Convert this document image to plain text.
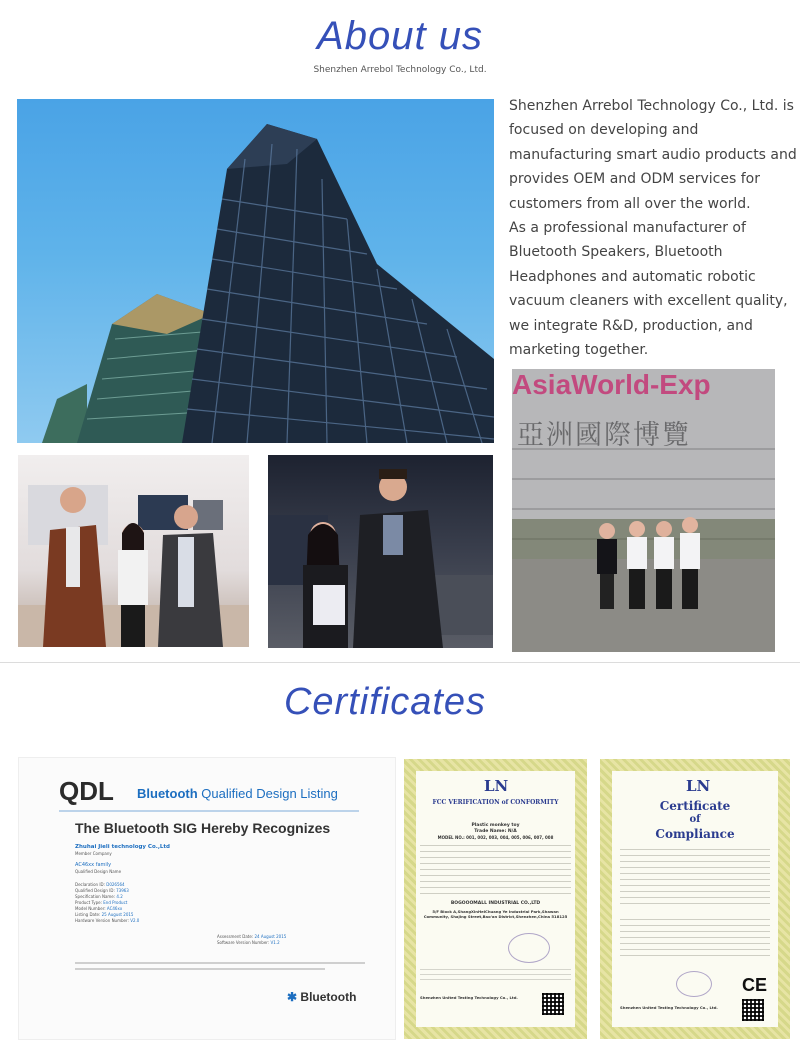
About us
Shenzhen Arrebol Technology Co., Ltd.

Shenzhen Arrebol Technology Co., Ltd. is focused on developing and manufacturing smart audio products and provides OEM and ODM services for customers from all over the world.

As a professional manufacturer of Bluetooth Speakers, Bluetooth Headphones and automatic robotic vacuum cleaners with excellent quality, we integrate R&D, production, and marketing together.

AsiaWorld-Exp
亞洲國際博覽
Certificates
QDL Bluetooth Qualified Design Listing
The Bluetooth SIG Hereby Recognizes
Zhuhai Jieli technology Co.,Ltd
Member Company
AC46xx family
Qualified Design Name
Declaration ID: D026564
Qualified Design ID: 73963
Specification Name: 4.2
Product Type: End Product
Model Number: AC46xx
Listing Date: 25 August 2015
Hardware Version Number: V2.0
Assessment Date: 24 August 2015
Software Version Number: V1.2
✱ Bluetooth
LN
FCC VERIFICATION of CONFORMITY
Plastic monkey toy
Trade Name: N/A
MODEL NO.: 001, 002, 003, 004, 005, 006, 007, 008
BOGOOOMALL INDUSTRIAL CO.,LTD
5/F Block A,ShangXinHeiChuang Ye Industrial Park,Shawan Community, Shajing Street,Bao'an District,Shenzhen,China 518125
Shenzhen United Testing Technology Co., Ltd.
LN
Certificate
of
Compliance
CE
Shenzhen United Testing Technology Co., Ltd.
